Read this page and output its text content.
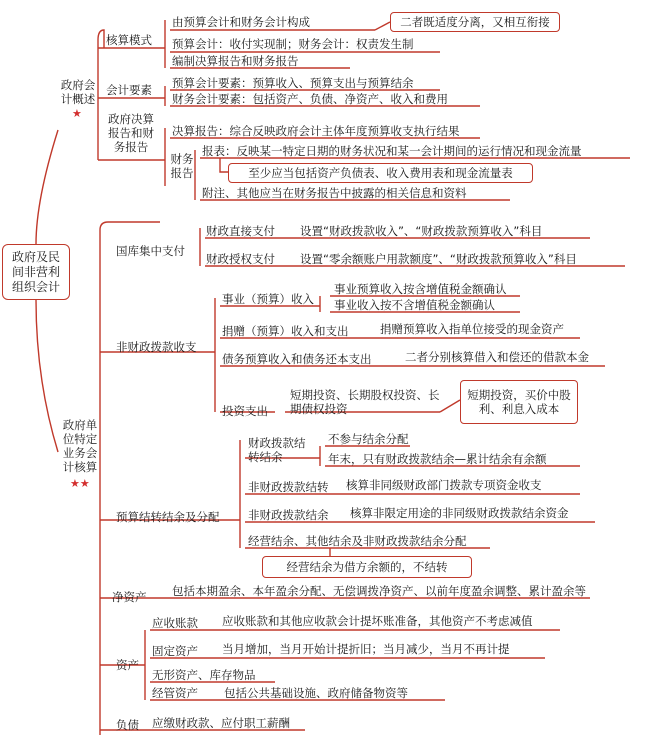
政府及民间非营利组织会计
政府会计概述
★
核算模式
由预算会计和财务会计构成	二者既适度分离，又相互衔接
预算会计：收付实现制；财务会计：权责发生制
编制决算报告和财务报告
会计要素 预算会计要素：预算收入、预算支出与预算结余
财务会计要素：包括资产、负债、净资产、收入和费用
政府决算报告和财务报告
决算报告：综合反映政府会计主体年度预算收支执行结果
财务报告
报表：反映某一特定日期的财务状况和某一会计期间的运行情况和现金流量
至少应当包括资产负债表、收入费用表和现金流量表
附注、其他应当在财务报告中披露的相关信息和资料
政府单位特定业务会计核算
★★
国库集中支付
财政直接支付 设置“财政拨款收入”、“财政拨款预算收入”科目
财政授权支付 设置“零余额账户用款额度”、“财政拨款预算收入”科目
非财政拨款收支
事业（预算）收入
事业预算收入按含增值税金额确认
事业收入按不含增值税金额确认
捐赠（预算）收入和支出	捐赠预算收入指单位接受的现金资产
债务预算收入和债务还本支出	二者分别核算借入和偿还的借款本金
投资支出
短期投资、长期股权投资、长期债权投资
短期投资，买价中股利、利息入成本
预算结转结余及分配
财政拨款结转结余
不参与结余分配
年末，只有财政拨款结余—累计结余有余额
非财政拨款结转 核算非同级财政部门拨款专项资金收支
非财政拨款结余 核算非限定用途的非同级财政拨款结余资金
经营结余、其他结余及非财政拨款结余分配
经营结余为借方余额的，不结转
净资产 包括本期盈余、本年盈余分配、无偿调拨净资产、以前年度盈余调整、累计盈余等
资产
应收账款 应收账款和其他应收款会计提坏账准备，其他资产不考虑减值
固定资产 当月增加，当月开始计提折旧；当月减少，当月不再计提
无形资产、库存物品
经管资产 包括公共基础设施、政府储备物资等
负债 应缴财政款、应付职工薪酬
